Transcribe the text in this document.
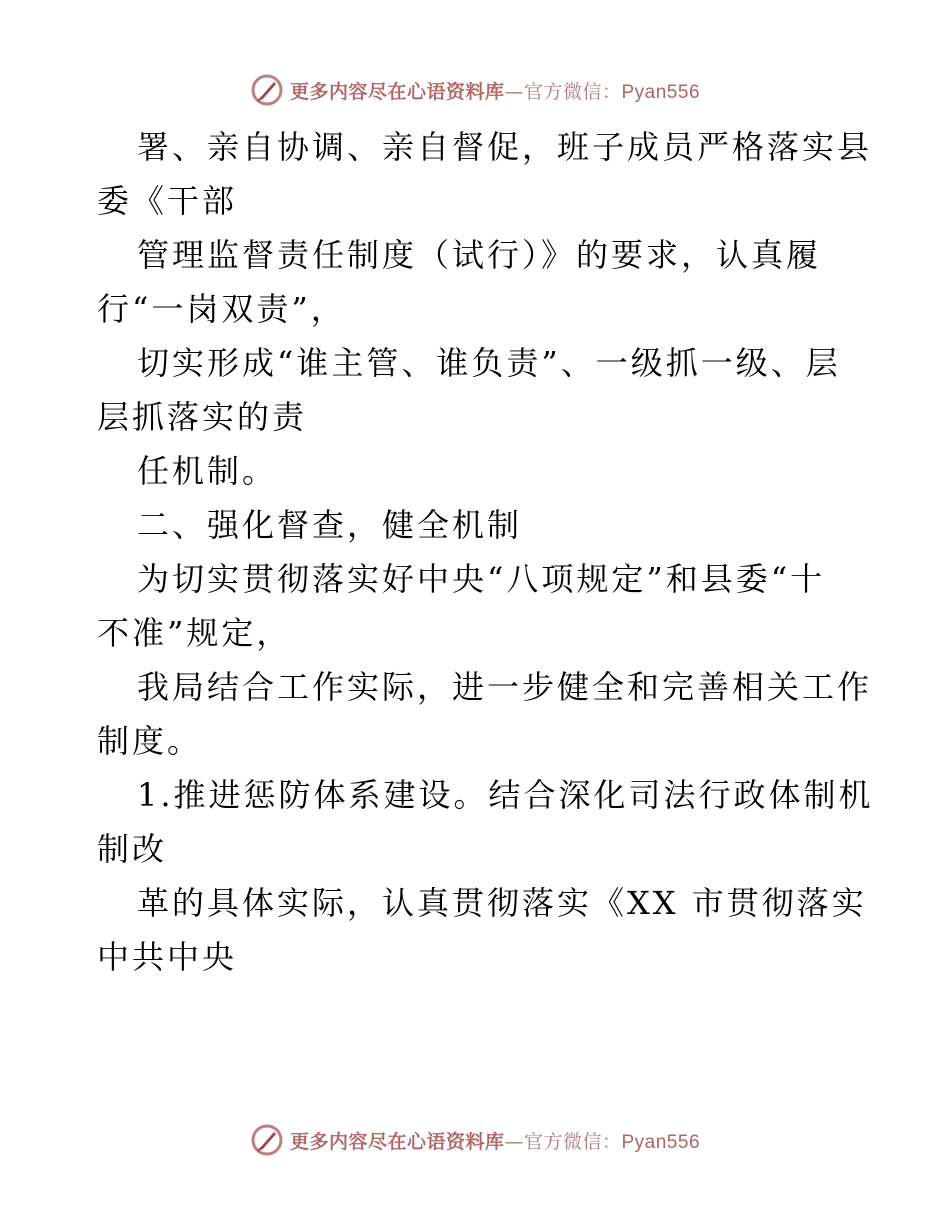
更多内容尽在心语资料库—官方微信：Pyan556
署、亲自协调、亲自督促，班子成员严格落实县
委《干部
管理监督责任制度（试行）》的要求，认真履
行“一岗双责”，
切实形成“谁主管、谁负责”、一级抓一级、层
层抓落实的责
任机制。
二、强化督查，健全机制
为切实贯彻落实好中央“八项规定”和县委“十
不准”规定，
我局结合工作实际，进一步健全和完善相关工作
制度。
1.推进惩防体系建设。结合深化司法行政体制机
制改
革的具体实际，认真贯彻落实《XX 市贯彻落实
中共中央
更多内容尽在心语资料库—官方微信：Pyan556
